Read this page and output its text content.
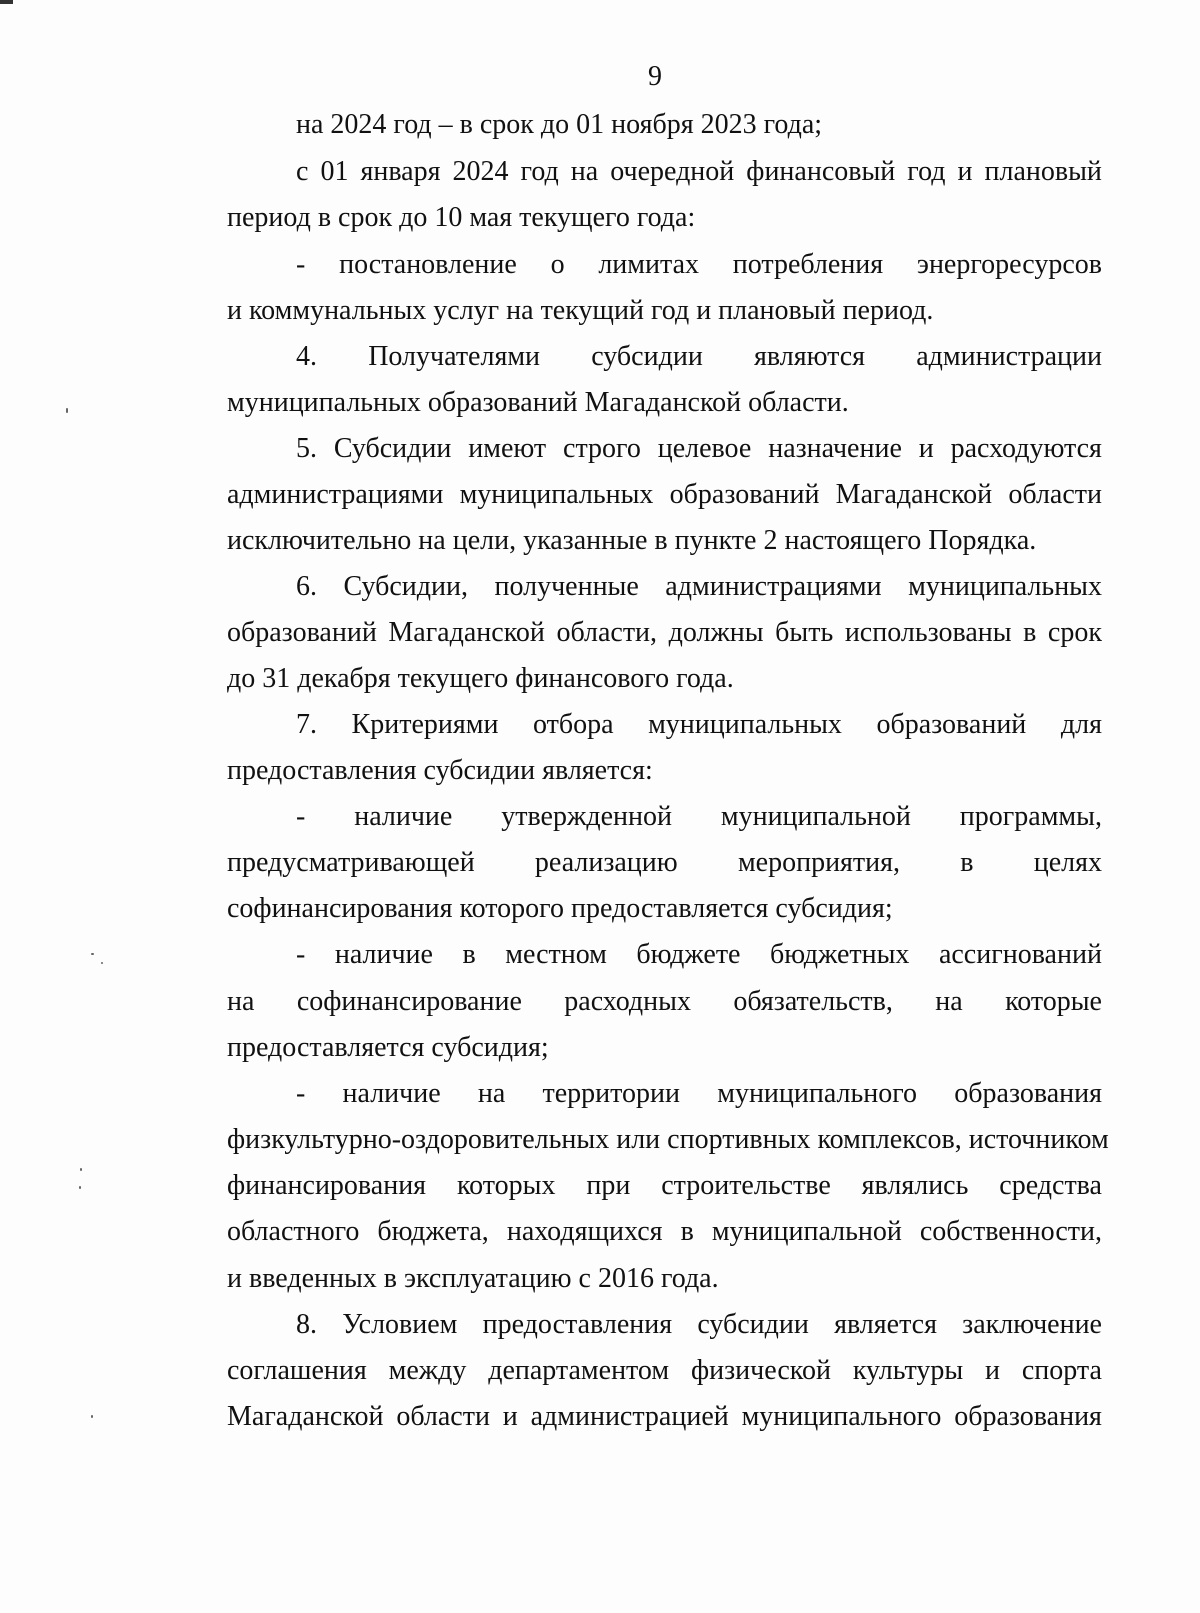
9
на 2024 год – в срок до 01 ноября 2023 года;
с 01 января 2024 год на очередной финансовый год и плановый
период в срок до 10 мая текущего года:
- постановление о лимитах потребления энергоресурсов
и коммунальных услуг на текущий год и плановый период.
4. Получателями субсидии являются администрации
муниципальных образований Магаданской области.
5. Субсидии имеют строго целевое назначение и расходуются
администрациями муниципальных образований Магаданской области
исключительно на цели, указанные в пункте 2 настоящего Порядка.
6. Субсидии, полученные администрациями муниципальных
образований Магаданской области, должны быть использованы в срок
до 31 декабря текущего финансового года.
7. Критериями отбора муниципальных образований для
предоставления субсидии является:
- наличие утвержденной муниципальной программы,
предусматривающей реализацию мероприятия, в целях
софинансирования которого предоставляется субсидия;
- наличие в местном бюджете бюджетных ассигнований
на софинансирование расходных обязательств, на которые
предоставляется субсидия;
- наличие на территории муниципального образования
физкультурно-оздоровительных или спортивных комплексов, источником
финансирования которых при строительстве являлись средства
областного бюджета, находящихся в муниципальной собственности,
и введенных в эксплуатацию с 2016 года.
8. Условием предоставления субсидии является заключение
соглашения между департаментом физической культуры и спорта
Магаданской области и администрацией муниципального образования
